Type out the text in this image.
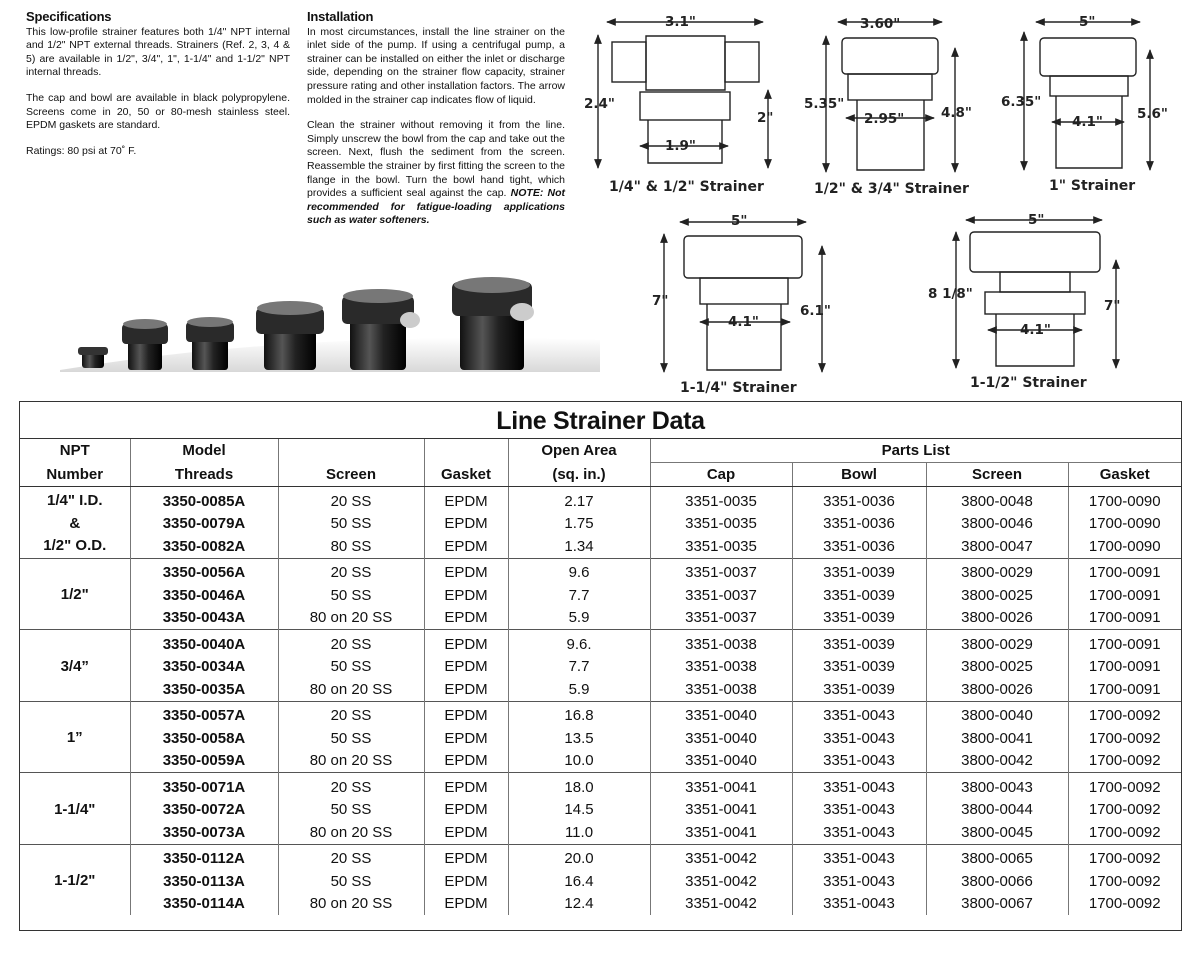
Specifications

This low-profile strainer features both 1/4" NPT internal and 1/2" NPT external threads. Strainers (Ref. 2, 3, 4 & 5) are available in 1/2", 3/4", 1", 1-1/4" and 1-1/2" NPT internal threads.

The cap and bowl are available in black polypropylene. Screens come in 20, 50 or 80-mesh stainless steel. EPDM gaskets are standard.

Ratings: 80 psi at 70˚ F.

Installation

In most circumstances, install the line strainer on the inlet side of the pump. If using a centrifugal pump, a strainer can be installed on either the inlet or discharge side, depending on the strainer flow capacity, strainer pressure rating and other installation factors. The arrow molded in the strainer cap indicates flow of liquid.

Clean the strainer without removing it from the line. Simply unscrew the bowl from the cap and take out the screen. Next, flush the sediment from the screen. Reassemble the strainer by first fitting the screen to the flange in the bowl. Turn the bowl hand tight, which provides a sufficient seal against the cap. NOTE: Not recommended for fatigue-loading applications such as water softeners.

3.1"
2.4"
2"
1.9"
1/4" & 1/2" Strainer
3.60"
5.35"
4.8"
2.95"
1/2" & 3/4" Strainer
5"
6.35"
5.6"
4.1"
1" Strainer
5"
7"
6.1"
4.1"
1-1/4" Strainer
5"
8 1/8"
7"
4.1"
1-1/2" Strainer
Line Strainer Data
NPT	Model			Open Area	Parts List			
Number	Threads	Screen	Gasket	(sq. in.)	Cap	Bowl	Screen	Gasket

1/4" I.D.
&
1/2" O.D.	3350-0085A	20 SS	EPDM	2.17	3351-0035	3351-0036	3800-0048	1700-0090
	3350-0079A	50 SS	EPDM	1.75	3351-0035	3351-0036	3800-0046	1700-0090
	3350-0082A	80 SS	EPDM	1.34	3351-0035	3351-0036	3800-0047	1700-0090

1/2"	3350-0056A	20 SS	EPDM	9.6	3351-0037	3351-0039	3800-0029	1700-0091
	3350-0046A	50 SS	EPDM	7.7	3351-0037	3351-0039	3800-0025	1700-0091
	3350-0043A	80 on 20 SS	EPDM	5.9	3351-0037	3351-0039	3800-0026	1700-0091

3/4”	3350-0040A	20 SS	EPDM	9.6.	3351-0038	3351-0039	3800-0029	1700-0091
	3350-0034A	50 SS	EPDM	7.7	3351-0038	3351-0039	3800-0025	1700-0091
	3350-0035A	80 on 20 SS	EPDM	5.9	3351-0038	3351-0039	3800-0026	1700-0091

1”	3350-0057A	20 SS	EPDM	16.8	3351-0040	3351-0043	3800-0040	1700-0092
	3350-0058A	50 SS	EPDM	13.5	3351-0040	3351-0043	3800-0041	1700-0092
	3350-0059A	80 on 20 SS	EPDM	10.0	3351-0040	3351-0043	3800-0042	1700-0092

1-1/4"	3350-0071A	20 SS	EPDM	18.0	3351-0041	3351-0043	3800-0043	1700-0092
	3350-0072A	50 SS	EPDM	14.5	3351-0041	3351-0043	3800-0044	1700-0092
	3350-0073A	80 on 20 SS	EPDM	11.0	3351-0041	3351-0043	3800-0045	1700-0092

1-1/2"	3350-0112A	20 SS	EPDM	20.0	3351-0042	3351-0043	3800-0065	1700-0092
	3350-0113A	50 SS	EPDM	16.4	3351-0042	3351-0043	3800-0066	1700-0092
	3350-0114A	80 on 20 SS	EPDM	12.4	3351-0042	3351-0043	3800-0067	1700-0092
